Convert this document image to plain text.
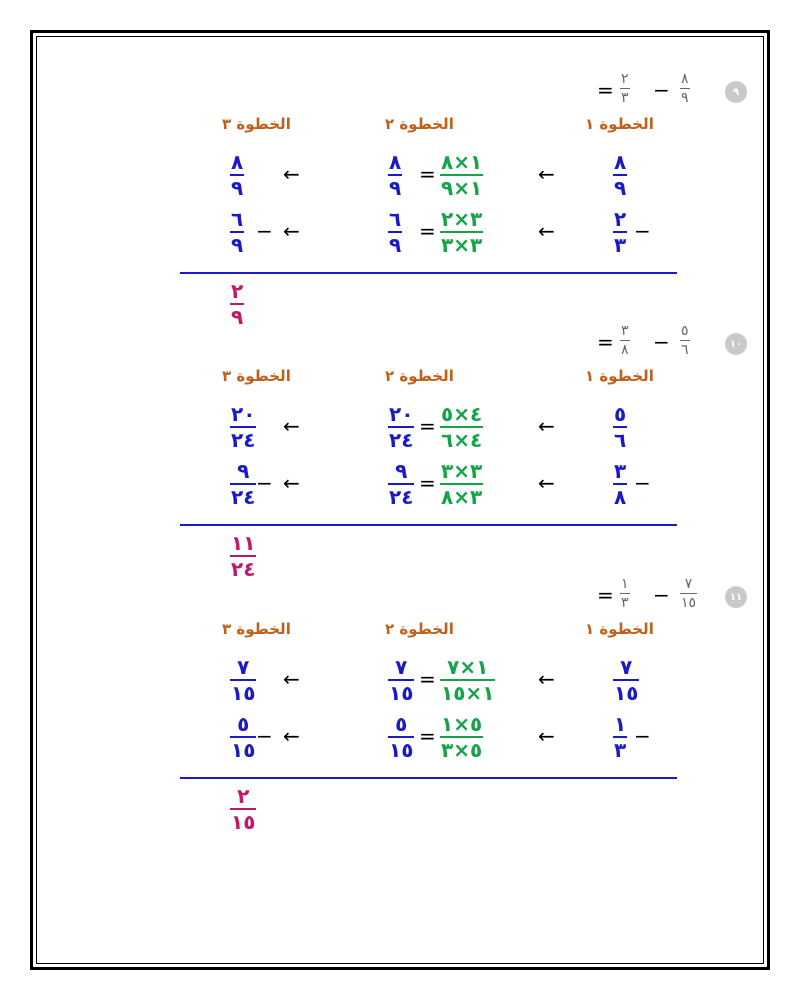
٩
= ٢
٣ − ٨
٩
الخطوة ١
الخطوة ٢
الخطوة ٣
٨
٩
←
١×٨
١×٩
=
٨
٩
←
٨
٩
٢
٣
−
←
٣×٢
٣×٣
=
٦
٩
←
٦
٩
−
٢
٩
١٠
= ٣
٨ − ٥
٦
الخطوة ١
الخطوة ٢
الخطوة ٣
٥
٦
←
٤×٥
٤×٦
=
٢٠
٢٤
←
٢٠
٢٤
٣
٨
−
←
٣×٣
٣×٨
=
٩
٢٤
←
٩
٢٤
−
١١
٢٤
١١
= ١
٣ − ٧
١٥
الخطوة ١
الخطوة ٢
الخطوة ٣
٧
١٥
←
١×٧
١×١٥
=
٧
١٥
←
٧
١٥
١
٣
−
←
٥×١
٥×٣
=
٥
١٥
←
٥
١٥
−
٢
١٥
